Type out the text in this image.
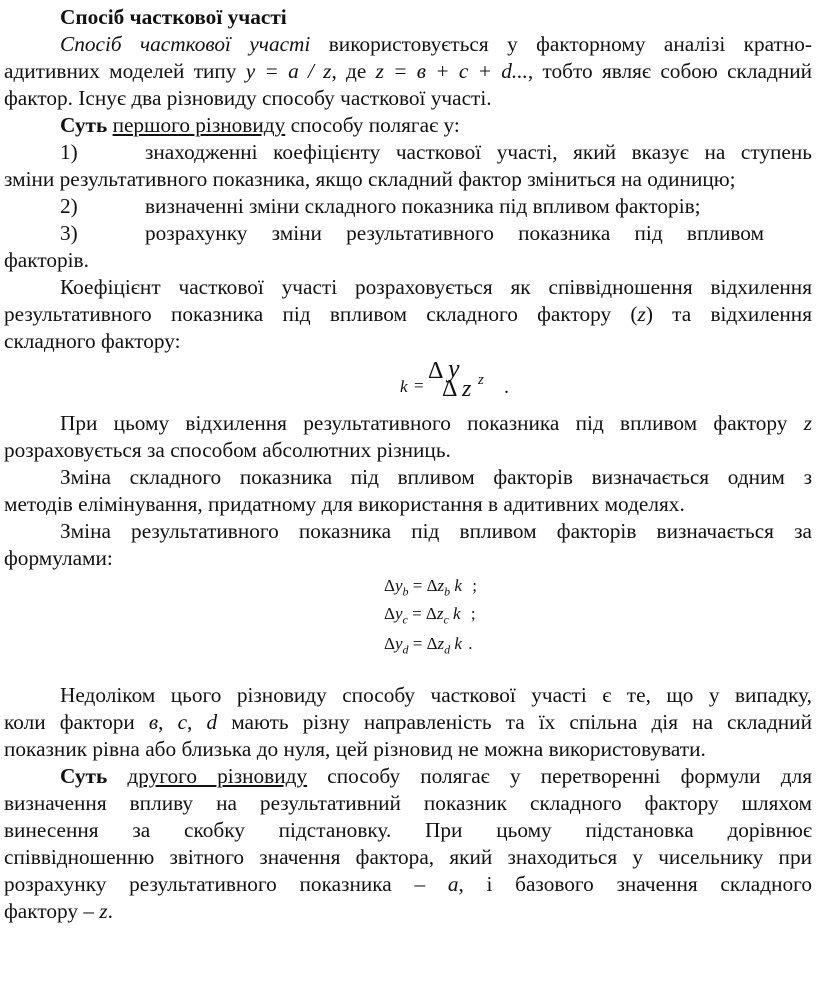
Спосіб часткової участі

Спосіб часткової участі використовується у факторному аналізі кратно-

адитивних моделей типу y = a / z, де z = в + с + d..., тобто являє собою складний

фактор. Існує два різновиду способу часткової участі.

Суть першого різновиду способу полягає у:

1)	знаходженні коефіцієнту часткової участі, який вказує на ступень

зміни результативного показника, якщо складний фактор зміниться на одиницю;

2)	визначенні зміни складного показника під впливом факторів;

3)	розрахунку зміни результативного показника під впливом

факторів.

Коефіцієнт часткової участі розраховується як співвідношення відхилення

результативного показника під впливом складного фактору (z) та відхилення

складного фактору:

k =
Δ y
Δ z z .

При цьому відхилення результативного показника під впливом фактору z

розраховується за способом абсолютних різниць.

Зміна складного показника під впливом факторів визначається одним з

методів елімінування, придатному для використання в адитивних моделях.

Зміна результативного показника під впливом факторів визначається за

формулами:

$\Delta y_b = \Delta z_b$ k ;
$\Delta y_c = \Delta z_c$ k ;
$\Delta y_d = \Delta z_d$ k .

Недоліком цього різновиду способу часткової участі є те, що у випадку,

коли фактори в, с, d мають різну направленість та їх спільна дія на складний

показник рівна або близька до нуля, цей різновид не можна використовувати.

Суть другого різновиду способу полягає у перетворенні формули для

визначення впливу на результативний показник складного фактору шляхом

винесення за скобку підстановку. При цьому підстановка дорівнює

співвідношенню звітного значення фактора, який знаходиться у чисельнику при

розрахунку результативного показника – а, і базового значення складного

фактору – z.
